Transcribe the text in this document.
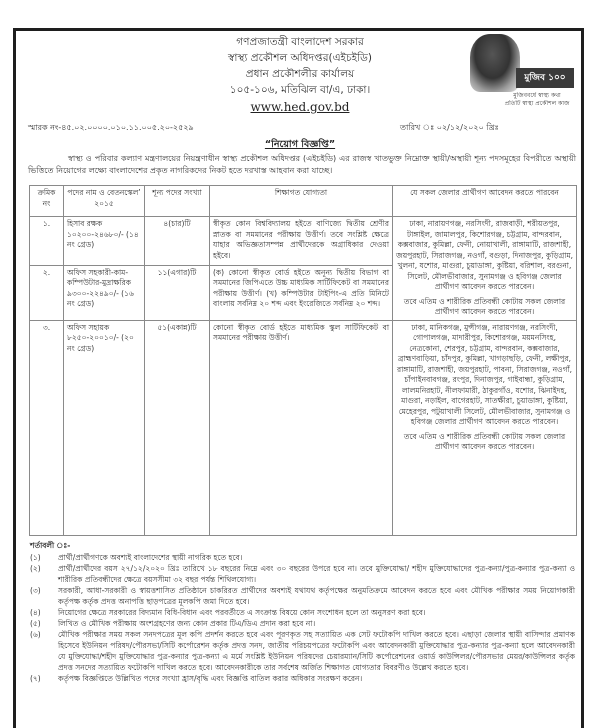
গণপ্রজাতন্ত্রী বাংলাদেশ সরকার
স্বাস্থ্য প্রকৌশল অধিদপ্তর(এইচইডি)
প্রধান প্রকৌশলীর কার্যালয়
১০৫-১০৬, মতিঝিল বা/এ, ঢাকা।
www.hed.gov.bd
মুজিব ১০০
মুজিববর্ষে স্বাস্থ্য কথা
প্রতিটি স্বাস্থ্য প্রকৌশল কাজ
স্মারক নং-৪৫.০২.০০০০.০১০.১১.০০৫.২০-২৫২৯	তারিখ ঃ ০২/১২/২০২০ খ্রিঃ
“নিয়োগ বিজ্ঞপ্তি”
স্বাস্থ্য ও পরিবার কল্যাণ মন্ত্রণালয়ের নিয়ন্ত্রণাধীন স্বাস্থ্য প্রকৌশল অধিদপ্তর (এইচইডি) এর রাজস্ব খাতভুক্ত নিম্নোক্ত স্থায়ী/অস্থায়ী শূন্য পদসমূহের বিপরীতে অস্থায়ী ভিত্তিতে নিয়োগের লক্ষ্যে বাংলাদেশের প্রকৃত নাগরিকদের নিকট হতে দরখাস্ত আহবান করা যাচ্ছে।
ক্রমিক নং	পদের নাম ও বেতনস্কেল’ ২০১৫	শূন্য পদের সংখ্যা	শিক্ষাগত যোগ্যতা	যে সকল জেলার প্রার্থীগণ আবেদন করতে পারবেন
১.	হিসাব রক্ষক ১০২০০-২৪৬৮০/- (১৪ নং গ্রেড)	৪(চার)টি	স্বীকৃত কোন বিশ্ববিদ্যালয় হইতে বাণিজ্যে দ্বিতীয় শ্রেণীর স্নাতক বা সমমানের পরীক্ষায় উত্তীর্ণ। তবে সংশ্লিষ্ট ক্ষেত্রে যাহার অভিজ্ঞতাসম্পন্ন প্রার্থীদেরকে অগ্রাধিকার দেওয়া হইবে।	ঢাকা, নারায়ণগঞ্জ, নরসিংদী, রাজবাড়ী, শরীয়তপুর, টাঙ্গাইল, জামালপুর, কিশোরগঞ্জ, চট্টগ্রাম, বান্দরবান, কক্সবাজার, কুমিল্লা, ফেনী, নোয়াখালী, রাঙ্গামাটি, রাজশাহী, জয়পুরহাট, সিরাজগঞ্জ, নওগাঁ, বগুড়া, দিনাজপুর, কুড়িগ্রাম, খুলনা, যশোর, মাগুরা, চুয়াডাঙ্গা, কুষ্টিয়া, বরিশাল, বরগুনা, সিলেট, মৌলভীবাজার, সুনামগঞ্জ ও হবিগঞ্জ জেলার প্রার্থীগণ আবেদন করতে পারবেন।
তবে এতিম ও শারীরিক প্রতিবন্ধী কোটায় সকল জেলার প্রার্থীগণ আবেদন করতে পারবেন।

২.	অফিস সহকারী-কাম-কম্পিউটার-মুদ্রাক্ষরিক ৯৩০০-২২৪৯০/- (১৬ নং গ্রেড)	১১(এগার)টি	(ক) কোনো স্বীকৃত বোর্ড হইতে অনূন্য দ্বিতীয় বিভাগ বা সমমানের জিপিএতে উচ্চ মাধ্যমিক সার্টিফিকেট বা সমমানের পরীক্ষায় উত্তীর্ণ। (খ) কম্পিউটার টাইপিং-এ প্রতি মিনিটে বাংলায় সর্বনিম্ন ২০ শব্দ এবং ইংরেজিতে সর্বনিম্ন ২০ শব্দ।	
৩.	অফিস সহায়ক ৮২৫০-২০০১০/- (২০ নং গ্রেড)	৫১(একান্ন)টি	কোনো স্বীকৃত বোর্ড হইতে মাধ্যমিক স্কুল সার্টিফিকেট বা সমমানের পরীক্ষায় উত্তীর্ণ।	ঢাকা, মানিকগঞ্জ, মুন্সীগঞ্জ, নারায়ণগঞ্জ, নরসিংদী, গোপালগঞ্জ, মাদারীপুর, কিশোরগঞ্জ, ময়মনসিংহ, নেত্রকোনা, শেরপুর, চট্টগ্রাম, বান্দরবান, কক্সবাজার, ব্রাহ্মণবাড়িয়া, চাঁদপুর, কুমিল্লা, খাগড়াছড়ি, ফেনী, লক্ষীপুর, রাঙ্গামাটি, রাজশাহী, জয়পুরহাট, পাবনা, সিরাজগঞ্জ, নওগাঁ, চাঁপাইনবাবগঞ্জ, রংপুর, দিনাজপুর, গাইবান্ধা, কুড়িগ্রাম, লালমনিরহাট, নীলফামারী, ঠাকুরগাঁও, যশোর, ঝিনাইদহ, মাগুরা, নড়াইল, বাগেরহাট, সাতক্ষীরা, চুয়াডাঙ্গা, কুষ্টিয়া, মেহেরপুর, পটুয়াখালী সিলেট, মৌলভীবাজার, সুনামগঞ্জ ও হবিগঞ্জ জেলার প্রার্থীগণ আবেদন করতে পারবেন।
তবে এতিম ও শারীরিক প্রতিবন্ধী কোটায় সকল জেলার প্রার্থীগণ আবেদন করতে পারবেন।
শর্তাবলী ঃ-
(১)	প্রার্থী/প্রার্থীগণকে অবশ্যই বাংলাদেশের স্থায়ী নাগরিক হতে হবে।
(২)	প্রার্থী/প্রার্থীদের বয়স ২৭/১২/২০২০ খ্রিঃ তারিখে ১৮ বছরের নিম্নে এবং ৩০ বছরের উপরে হবে না। তবে মুক্তিযোদ্ধা/ শহীদ মুক্তিযোদ্ধাদের পুত্র-কন্যা/পুত্র-কন্যার পুত্র-কন্যা ও শারীরিক প্রতিবন্ধীদের ক্ষেত্রে বয়সসীমা ৩২ বছর পর্যন্ত শিথিলযোগ্য।
(৩)	সরকারী, আধা-সরকারী ও স্বায়ত্তশাসিত প্রতিষ্ঠানে চাকরিরত প্রার্থীদের অবশ্যই যথাযথ কর্তৃপক্ষের অনুমতিক্রমে আবেদন করতে হবে এবং মৌখিক পরীক্ষার সময় নিয়োগকারী কর্তৃপক্ষ কর্তৃক প্রদত্ত অনাপত্তি ছাড়পত্রের মূলকপি জমা দিতে হবে।
(৪)	নিয়োগের ক্ষেত্রে সরকারের বিদ্যমান বিধি-বিধান এবং পরবর্তীতে এ সংক্রান্ত বিষয়ে কোন সংশোধন হলে তা অনুসরণ করা হবে।
(৫)	লিখিত ও মৌখিক পরীক্ষায় অংশগ্রহণের জন্য কোন প্রকার টিএ/ডিএ প্রদান করা হবে না।
(৬)	মৌখিক পরীক্ষার সময় সকল সনদপত্রের মূল কপি প্রদর্শন করতে হবে এবং পূরণকৃত সহ সত্যায়িত এক সেট ফটোকপি দাখিল করতে হবে। এছাড়া জেলার স্থায়ী বাসিন্দার প্রমাণক হিসেবে ইউনিয়ন পরিষদ/পৌরসভা/সিটি কর্পোরেশন কর্তৃক প্রদত্ত সনদ, জাতীয় পরিচয়পত্রের ফটোকপি এবং আবেদনকারী মুক্তিযোদ্ধার পুত্র-কন্যার পুত্র-কন্যা হলে আবেদনকারী যে মুক্তিযোদ্ধা/শহীদ মুক্তিযোদ্ধার পুত্র-কন্যার পুত্র-কন্যা এ মর্মে সংশ্লিষ্ট ইউনিয়ন পরিষদের চেয়ারম্যান/সিটি কর্পোরেশনের ওয়ার্ড কাউন্সিলর/পৌরসভার মেয়র/কাউন্সিলর কর্তৃক প্রদত্ত সনদের সত্যায়িত ফটোকপি দাখিল করতে হবে। আবেদনকারীকে তার সর্বশেষ অর্জিত শিক্ষাগত যোগ্যতার বিবরণীও উল্লেখ করতে হবে।
(৭)	কর্তৃপক্ষ বিজ্ঞপ্তিতে উল্লিখিত পদের সংখ্যা হ্রাস/বৃদ্ধি এবং বিজ্ঞপ্তি বাতিল করার অধিকার সংরক্ষণ করেন।
